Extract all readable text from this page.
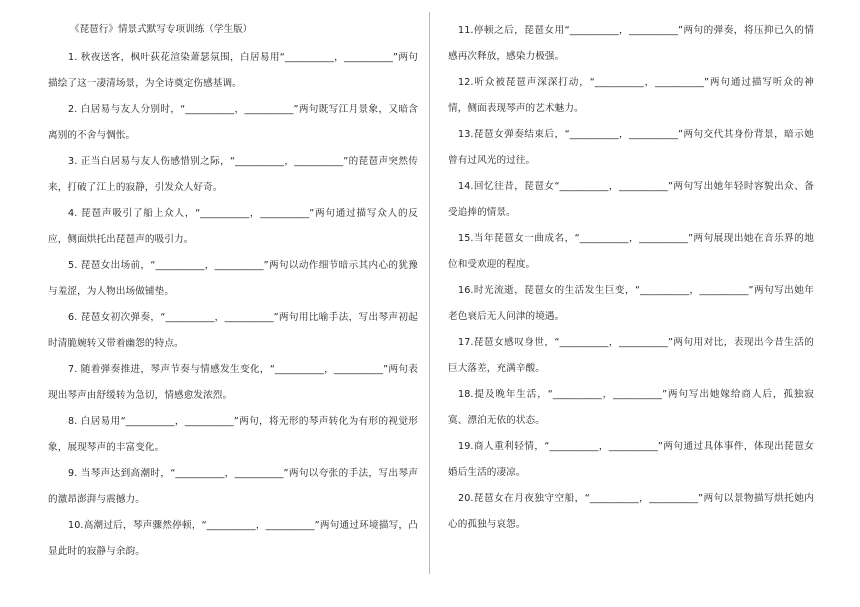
《琵琶行》情景式默写专项训练（学生版）
1. 秋夜送客，枫叶荻花渲染萧瑟氛围，白居易用“__________，__________”两句描绘了这一凄清场景，为全诗奠定伤感基调。
2. 白居易与友人分别时，“__________，__________”两句既写江月景象，又暗含离别的不舍与惆怅。
3. 正当白居易与友人伤感惜别之际，“__________，__________”的琵琶声突然传来，打破了江上的寂静，引发众人好奇。
4. 琵琶声吸引了船上众人，“__________，__________”两句通过描写众人的反应，侧面烘托出琵琶声的吸引力。
5. 琵琶女出场前，“__________，__________”两句以动作细节暗示其内心的犹豫与羞涩，为人物出场做铺垫。
6. 琵琶女初次弹奏，“__________，__________”两句用比喻手法，写出琴声初起时清脆婉转又带着幽怨的特点。
7. 随着弹奏推进，琴声节奏与情感发生变化，“__________，__________”两句表现出琴声由舒缓转为急切，情感愈发浓烈。
8. 白居易用“__________，__________”两句，将无形的琴声转化为有形的视觉形象，展现琴声的丰富变化。
9. 当琴声达到高潮时，“__________，__________”两句以夸张的手法，写出琴声的激昂澎湃与震撼力。
10.高潮过后，琴声骤然停顿，“__________，__________”两句通过环境描写，凸显此时的寂静与余韵。
11.停顿之后，琵琶女用“__________，__________”两句的弹奏，将压抑已久的情感再次释放，感染力极强。
12.听众被琵琶声深深打动，“__________，__________”两句通过描写听众的神情，侧面表现琴声的艺术魅力。
13.琵琶女弹奏结束后，“__________，__________”两句交代其身份背景，暗示她曾有过风光的过往。
14.回忆往昔，琵琶女“__________，__________”两句写出她年轻时容貌出众、备受追捧的情景。
15.当年琵琶女一曲成名，“__________，__________”两句展现出她在音乐界的地位和受欢迎的程度。
16.时光流逝，琵琶女的生活发生巨变，“__________，__________”两句写出她年老色衰后无人问津的境遇。
17.琵琶女感叹身世，“__________，__________”两句用对比，表现出今昔生活的巨大落差，充满辛酸。
18.提及晚年生活，“__________，__________”两句写出她嫁给商人后，孤独寂寞、漂泊无依的状态。
19.商人重利轻情，“__________，__________”两句通过具体事件，体现出琵琶女婚后生活的凄凉。
20.琵琶女在月夜独守空船，“__________，__________”两句以景物描写烘托她内心的孤独与哀怨。
